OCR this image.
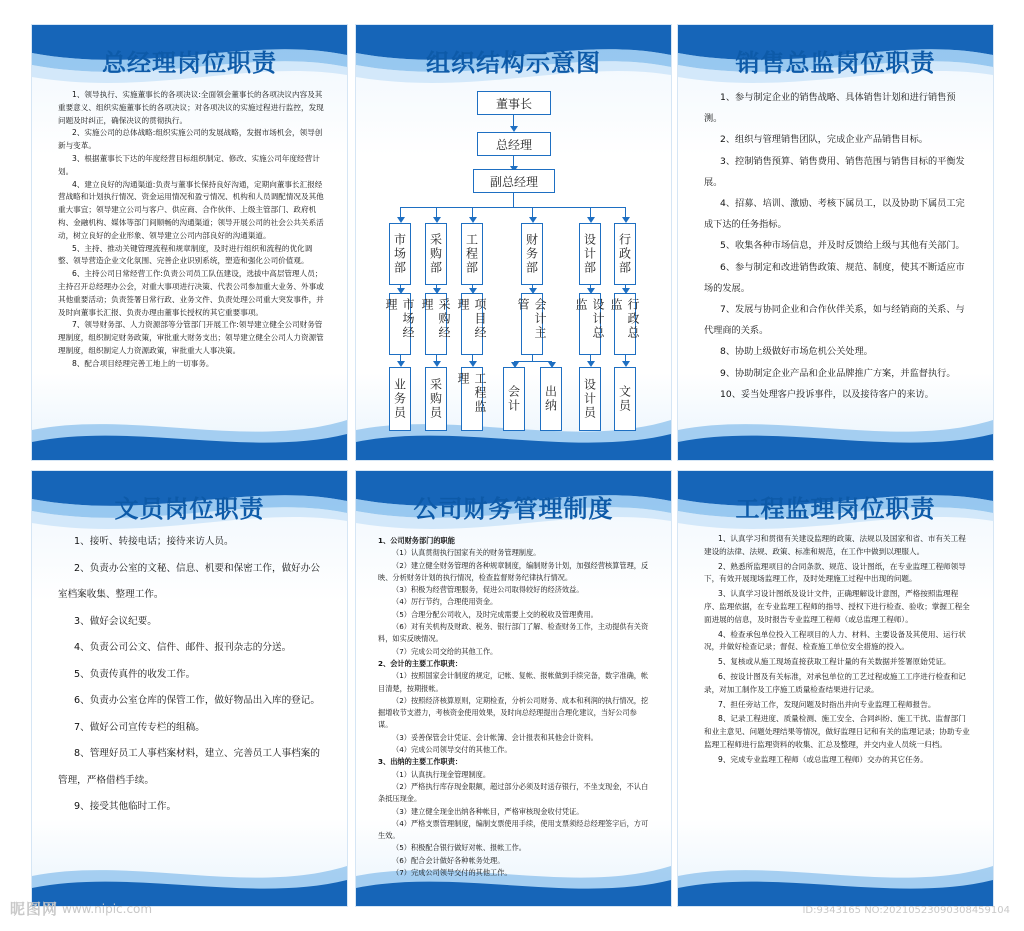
总经理岗位职责

1、领导执行、实施董事长的各项决议:全面领会董事长的各项决议内容及其重要意义、组织实施董事长的各项决议；对各项决议的实施过程进行监控，发现问题及时纠正，确保决议的贯彻执行。

2、实施公司的总体战略:组织实施公司的发展战略，发掘市场机会，领导创新与变革。

3、根据董事长下达的年度经营目标组织制定、修改、实施公司年度经营计划。

4、建立良好的沟通渠道:负责与董事长保持良好沟通，定期向董事长汇报经营战略和计划执行情况、资金运用情况和盈亏情况、机构和人员调配情况及其他重大事宜；领导建立公司与客户、供应商、合作伙伴、上级主管部门、政府机构、金融机构、媒体等部门间顺畅的沟通渠道；领导开展公司的社会公共关系活动，树立良好的企业形象、领导建立公司内部良好的沟通渠道。

5、主持、推动关键管理流程和规章制度，及时进行组织和流程的优化调整、领导营造企业文化氛围、完善企业识别系统，塑造和强化公司价值观。

6、主持公司日常经营工作:负责公司员工队伍建设，选拔中高层管理人员；主持召开总经理办公会，对重大事项进行决策、代表公司参加重大业务、外事或其他重要活动；负责签署日常行政、业务文件、负责处理公司重大突发事件，并及时向董事长汇报、负责办理由董事长授权的其它重要事项。

7、领导财务部、人力资源部等分管部门开展工作:领导建立健全公司财务管理制度，组织制定财务政策，审批重大财务支出；领导建立健全公司人力资源管理制度，组织制定人力资源政策，审批重大人事决策。

8、配合项目经理完善工地上的一切事务。

组织结构示意图
董事长
总经理
副总经理
市场部
市场经理
业务员
采购部
采购经理
采购员
工程部
项目经理
工程监理
财务部
会计主管
会计	出纳
设计部
设计总监
设计员
行政部
行政总监
文员
销售总监岗位职责

1、参与制定企业的销售战略、具体销售计划和进行销售预测。

2、组织与管理销售团队，完成企业产品销售目标。

3、控制销售预算、销售费用、销售范围与销售目标的平衡发展。

4、招募、培训、激励、考核下属员工，以及协助下属员工完成下达的任务指标。

5、收集各种市场信息，并及时反馈给上级与其他有关部门。

6、参与制定和改进销售政策、规范、制度，使其不断适应市场的发展。

7、发展与协同企业和合作伙伴关系，如与经销商的关系、与代理商的关系。

8、协助上级做好市场危机公关处理。

9、协助制定企业产品和企业品牌推广方案，并监督执行。

10、妥当处理客户投诉事件，以及接待客户的来访。

文员岗位职责

1、接听、转接电话；接待来访人员。

2、负责办公室的文秘、信息、机要和保密工作，做好办公室档案收集、整理工作。

3、做好会议纪要。

4、负责公司公文、信件、邮件、报刊杂志的分送。

5、负责传真件的收发工作。

6、负责办公室仓库的保管工作，做好物品出入库的登记。

7、做好公司宣传专栏的组稿。

8、管理好员工人事档案材料，建立、完善员工人事档案的管理，严格借档手续。

9、接受其他临时工作。

公司财务管理制度

1、公司财务部门的职能

（1）认真贯彻执行国家有关的财务管理制度。

（2）建立健全财务管理的各种规章制度，编制财务计划，加强经营核算管理，反映、分析财务计划的执行情况，检查监督财务纪律执行情况。

（3）积极为经营管理服务，促进公司取得较好的经济效益。

（4）厉行节约，合理使用资金。

（5）合理分配公司收入，及时完成需要上交的税收及管理费用。

（6）对有关机构及财政、税务、银行部门了解、检查财务工作，主动提供有关资料，如实反映情况。

（7）完成公司交给的其他工作。

2、会计的主要工作职责：

（1）按照国家会计制度的规定，记帐、复帐、报帐做到手续完备，数字准确，帐目清楚，按期报帐。

（2）按照经济核算原则，定期检查，分析公司财务、成本和利润的执行情况，挖掘增收节支潜力，考核资金使用效果，及时向总经理提出合理化建议，当好公司参谋。

（3）妥善保管会计凭证、会计帐簿、会计报表和其他会计资料。

（4）完成公司领导交付的其他工作。

3、出纳的主要工作职责：

（1）认真执行现金管理制度。

（2）严格执行库存现金限额，超过部分必须及时送存银行，不坐支现金，不认白条抵压现金。

（3）建立健全现金出纳各种帐目，严格审核现金收付凭证。

（4）严格支票管理制度，编制支票使用手续，使用支票须经总经理签字后，方可生效。

（5）积极配合银行做好对帐、报帐工作。

（6）配合会计做好各种帐务处理。

（7）完成公司领导交付的其他工作。

工程监理岗位职责

1、认真学习和贯彻有关建设监理的政策、法规以及国家和省、市有关工程建设的法律、法规、政策、标准和规范，在工作中做到以理服人。

2、熟悉所监理项目的合同条款、规范、设计图纸，在专业监理工程师领导下，有效开展现场监理工作，及时处理施工过程中出现的问题。

3、认真学习设计图纸及设计文件，正确理解设计意图，严格按照监理程序、监理依据，在专业监理工程师的指导、授权下进行检查、验收；掌握工程全面进展的信息，及时报告专业监理工程师（或总监理工程师）。

4、检查承包单位投入工程项目的人力、材料、主要设备及其使用、运行状况，并做好检查记录；督促、检查施工单位安全措施的投入。

5、复核或从施工现场直接获取工程计量的有关数据并签署原始凭证。

6、按设计图及有关标准，对承包单位的工艺过程或施工工序进行检查和记录，对加工制作及工序施工质量检查结果进行记录。

7、担任旁站工作，发现问题及时指出并向专业监理工程师报告。

8、记录工程进度、质量检测、施工安全、合同纠纷、施工干扰、监督部门和业主意见、问题处理结果等情况，做好监理日记和有关的监理记录；协助专业监理工程师进行监理资料的收集、汇总及整理，并交内业人员统一归档。

9、完成专业监理工程师（或总监理工程师）交办的其它任务。

昵图网 www.nipic.com	ID:9343165 NO:20210523090308459104
